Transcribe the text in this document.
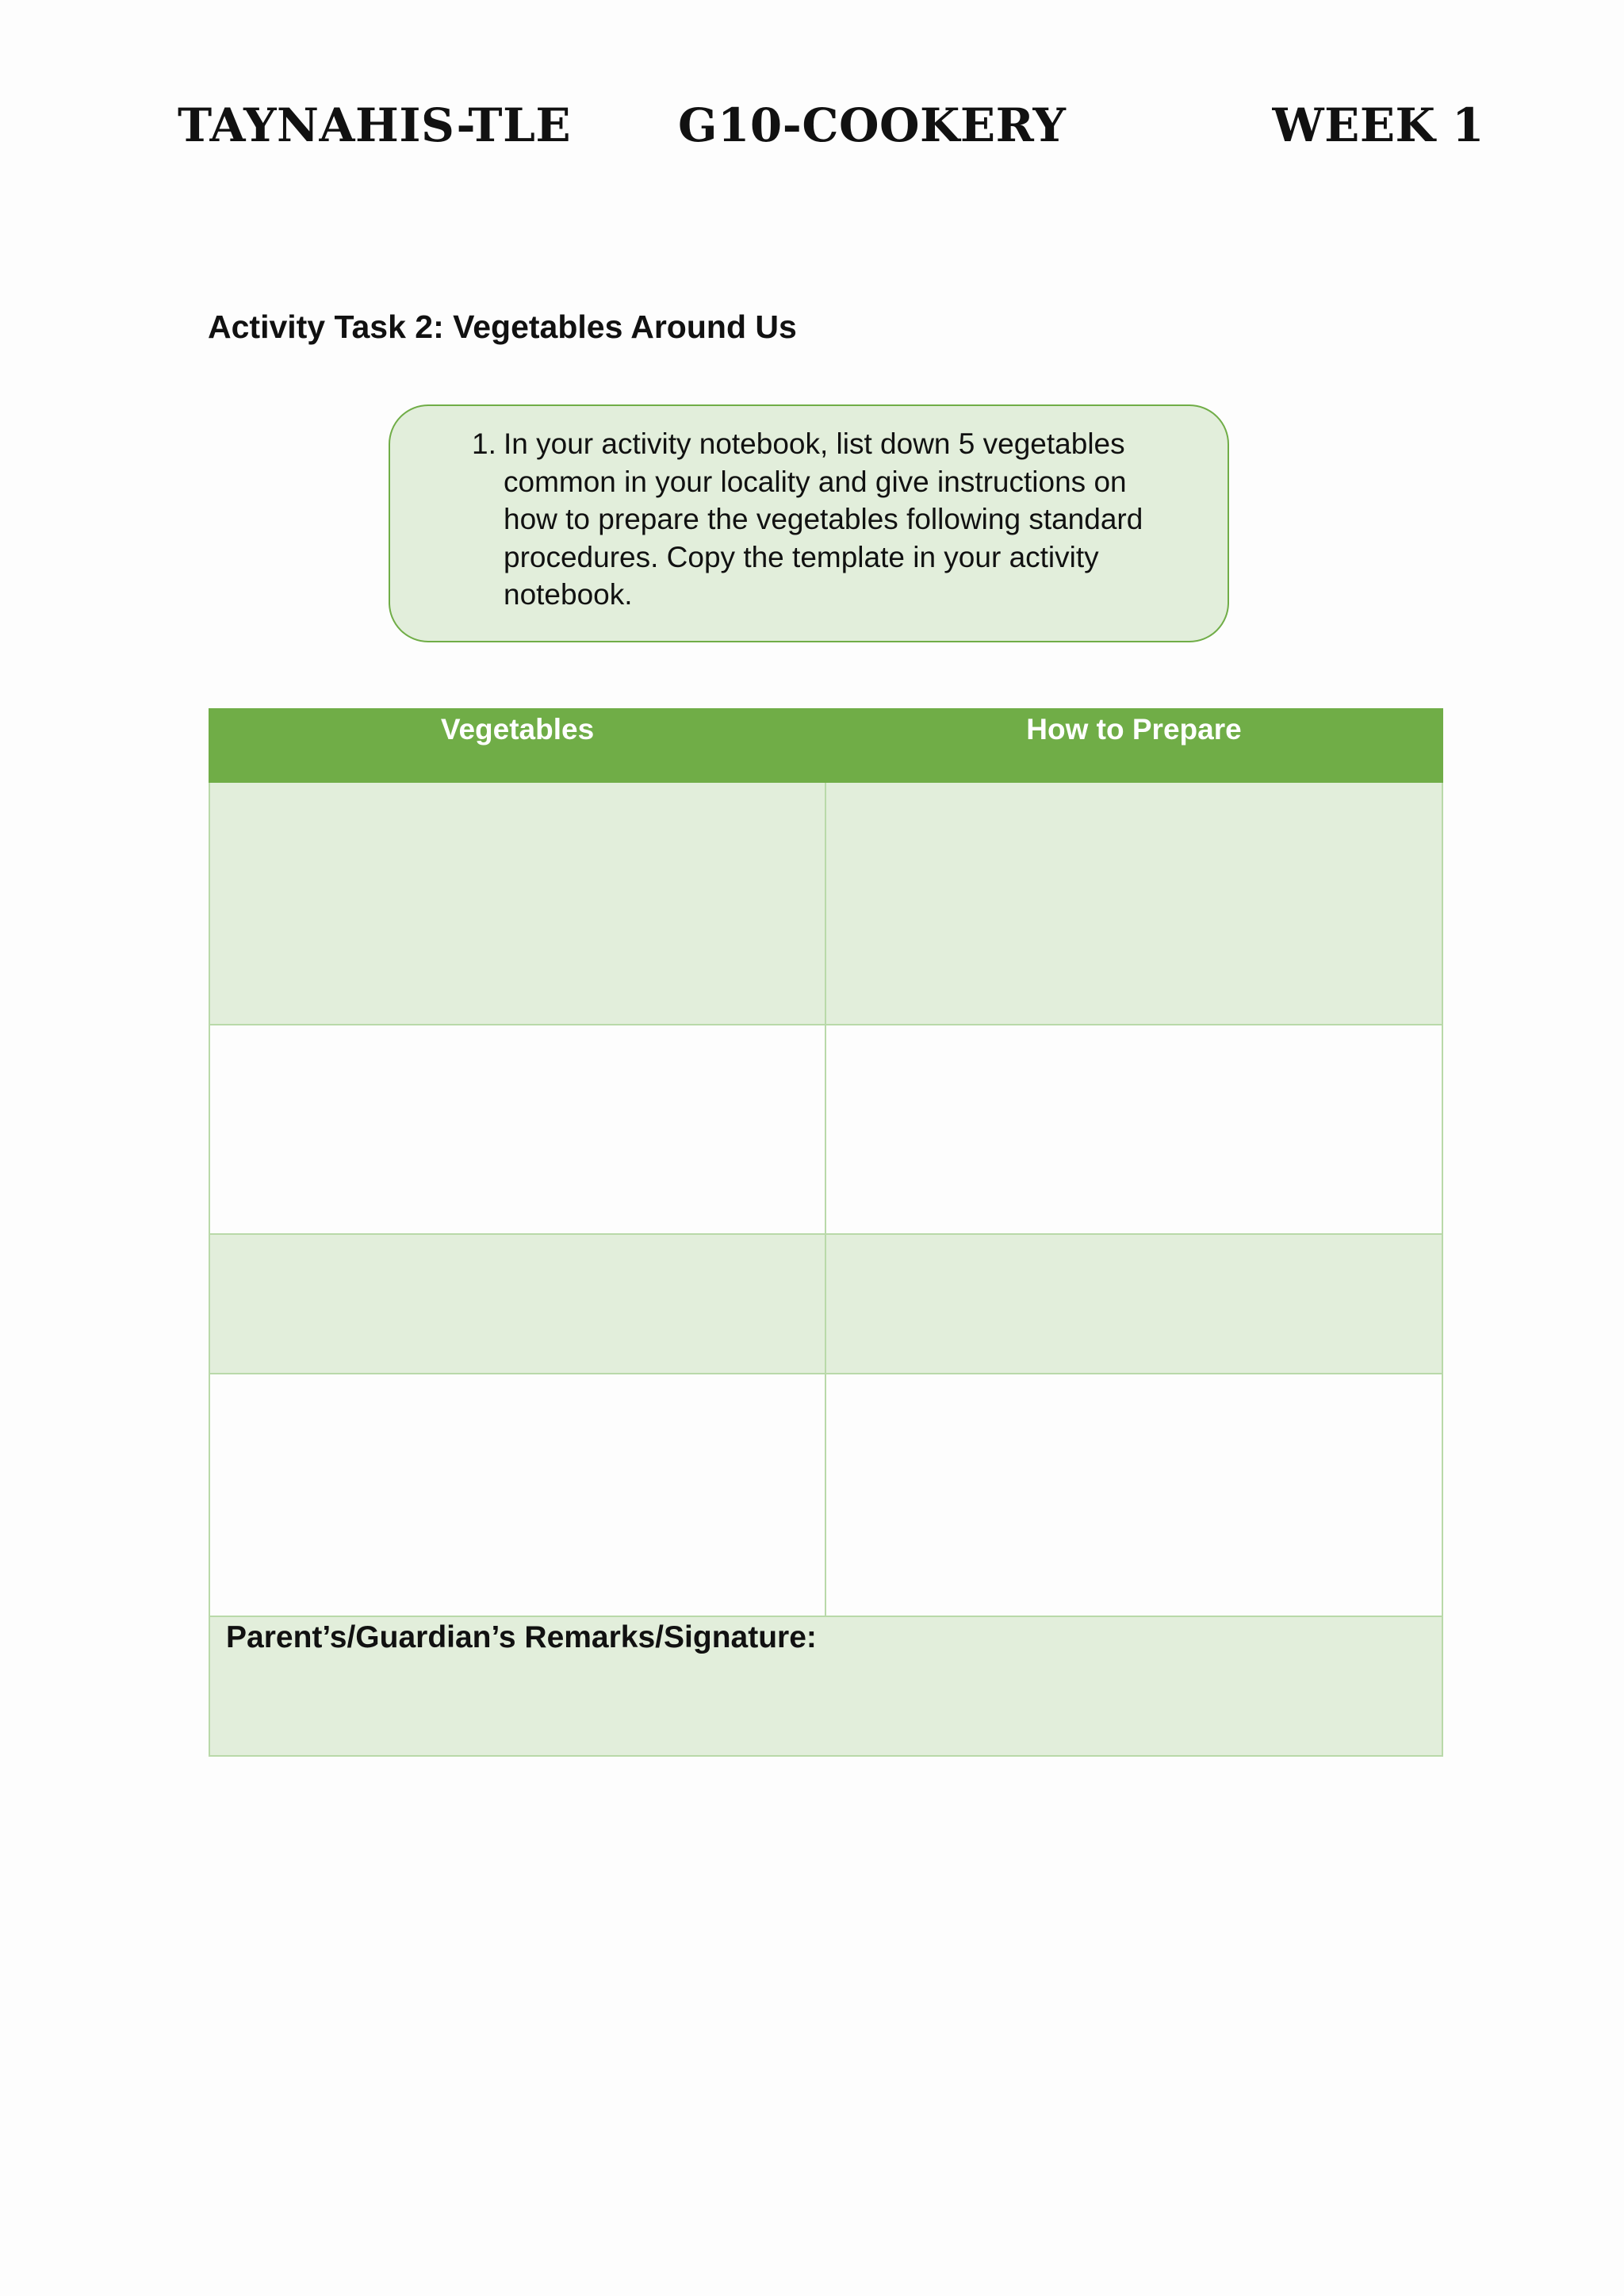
TAYNAHIS-TLE G10-COOKERY	WEEK 1
Activity Task 2: Vegetables Around Us
1. In your activity notebook, list down 5 vegetables common in your locality and give instructions on how to prepare the vegetables following standard procedures. Copy the template in your activity notebook.
Vegetables	How to Prepare

Parent’s/Guardian’s Remarks/Signature:	
